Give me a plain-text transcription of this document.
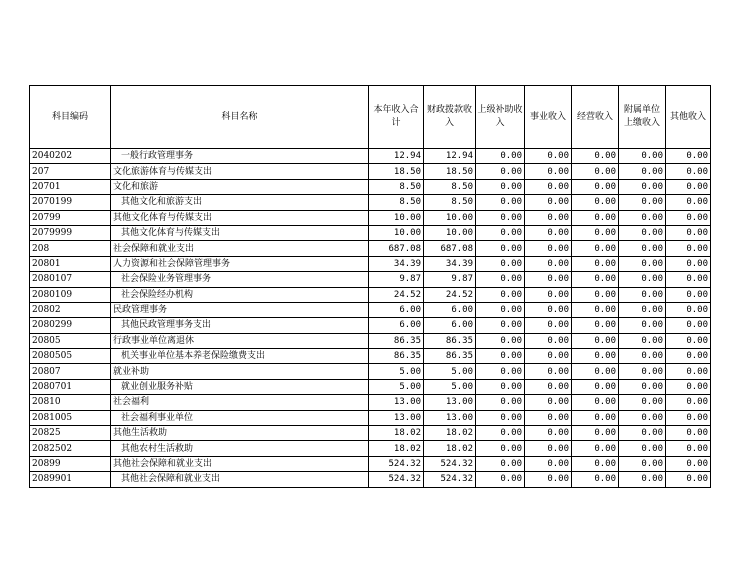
科目编码	科目名称	本年收入合计	财政拨款收入	上级补助收入	事业收入	经营收入	附属单位上缴收入	其他收入
2040202	一般行政管理事务	12.94	12.94	0.00	0.00	0.00	0.00	0.00
207	文化旅游体育与传媒支出	18.50	18.50	0.00	0.00	0.00	0.00	0.00
20701	文化和旅游	8.50	8.50	0.00	0.00	0.00	0.00	0.00
2070199	其他文化和旅游支出	8.50	8.50	0.00	0.00	0.00	0.00	0.00
20799	其他文化体育与传媒支出	10.00	10.00	0.00	0.00	0.00	0.00	0.00
2079999	其他文化体育与传媒支出	10.00	10.00	0.00	0.00	0.00	0.00	0.00
208	社会保障和就业支出	687.08	687.08	0.00	0.00	0.00	0.00	0.00
20801	人力资源和社会保障管理事务	34.39	34.39	0.00	0.00	0.00	0.00	0.00
2080107	社会保险业务管理事务	9.87	9.87	0.00	0.00	0.00	0.00	0.00
2080109	社会保险经办机构	24.52	24.52	0.00	0.00	0.00	0.00	0.00
20802	民政管理事务	6.00	6.00	0.00	0.00	0.00	0.00	0.00
2080299	其他民政管理事务支出	6.00	6.00	0.00	0.00	0.00	0.00	0.00
20805	行政事业单位离退休	86.35	86.35	0.00	0.00	0.00	0.00	0.00
2080505	机关事业单位基本养老保险缴费支出	86.35	86.35	0.00	0.00	0.00	0.00	0.00
20807	就业补助	5.00	5.00	0.00	0.00	0.00	0.00	0.00
2080701	就业创业服务补贴	5.00	5.00	0.00	0.00	0.00	0.00	0.00
20810	社会福利	13.00	13.00	0.00	0.00	0.00	0.00	0.00
2081005	社会福利事业单位	13.00	13.00	0.00	0.00	0.00	0.00	0.00
20825	其他生活救助	18.02	18.02	0.00	0.00	0.00	0.00	0.00
2082502	其他农村生活救助	18.02	18.02	0.00	0.00	0.00	0.00	0.00
20899	其他社会保障和就业支出	524.32	524.32	0.00	0.00	0.00	0.00	0.00
2089901	其他社会保障和就业支出	524.32	524.32	0.00	0.00	0.00	0.00	0.00
